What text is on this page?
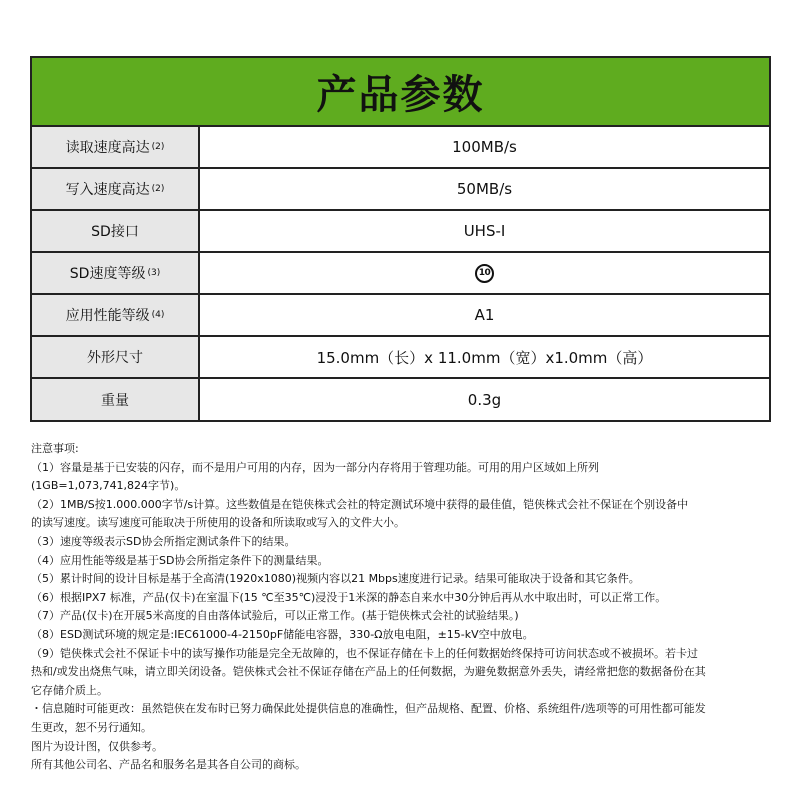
产品参数
读取速度高达 (2)	100MB/s
写入速度高达 (2)	50MB/s
SD接口	UHS-I
SD速度等级 (3)	10
应用性能等级 (4)	A1
外形尺寸	15.0mm（长）x 11.0mm（宽）x1.0mm（高）
重量	0.3g

注意事项:

（1）容量是基于已安装的闪存，而不是用户可用的内存，因为一部分内存将用于管理功能。可用的用户区域如上所列

(1GB=1,073,741,824字节)。

（2）1MB/S按1.000.000字节/s计算。这些数值是在铠侠株式会社的特定测试环境中获得的最佳值，铠侠株式会社不保证在个别设备中

的读写速度。读写速度可能取决于所使用的设备和所读取或写入的文件大小。

（3）速度等级表示SD协会所指定测试条件下的结果。

（4）应用性能等级是基于SD协会所指定条件下的测量结果。

（5）累计时间的设计目标是基于全高清(1920x1080)视频内容以21 Mbps速度进行记录。结果可能取决于设备和其它条件。

（6）根据IPX7 标准，产品(仅卡)在室温下(15 ℃至35℃)浸没于1米深的静态自来水中30分钟后再从水中取出时，可以正常工作。

（7）产品(仅卡)在开展5米高度的自由落体试验后，可以正常工作。(基于铠侠株式会社的试验结果。)

（8）ESD测试环境的规定是:IEC61000-4-2150pF储能电容器，330-Ω放电电阻，±15-kV空中放电。

（9）铠侠株式会社不保证卡中的读写操作功能是完全无故障的，也不保证存储在卡上的任何数据始终保持可访问状态或不被损坏。若卡过

热和/或发出烧焦气味，请立即关闭设备。铠侠株式会社不保证存储在产品上的任何数据，为避免数据意外丢失，请经常把您的数据备份在其

它存储介质上。

・信息随时可能更改：虽然铠侠在发布时已努力确保此处提供信息的准确性，但产品规格、配置、价格、系统组件/选项等的可用性都可能发

生更改，恕不另行通知。

图片为设计图，仅供参考。

所有其他公司名、产品名和服务名是其各自公司的商标。
